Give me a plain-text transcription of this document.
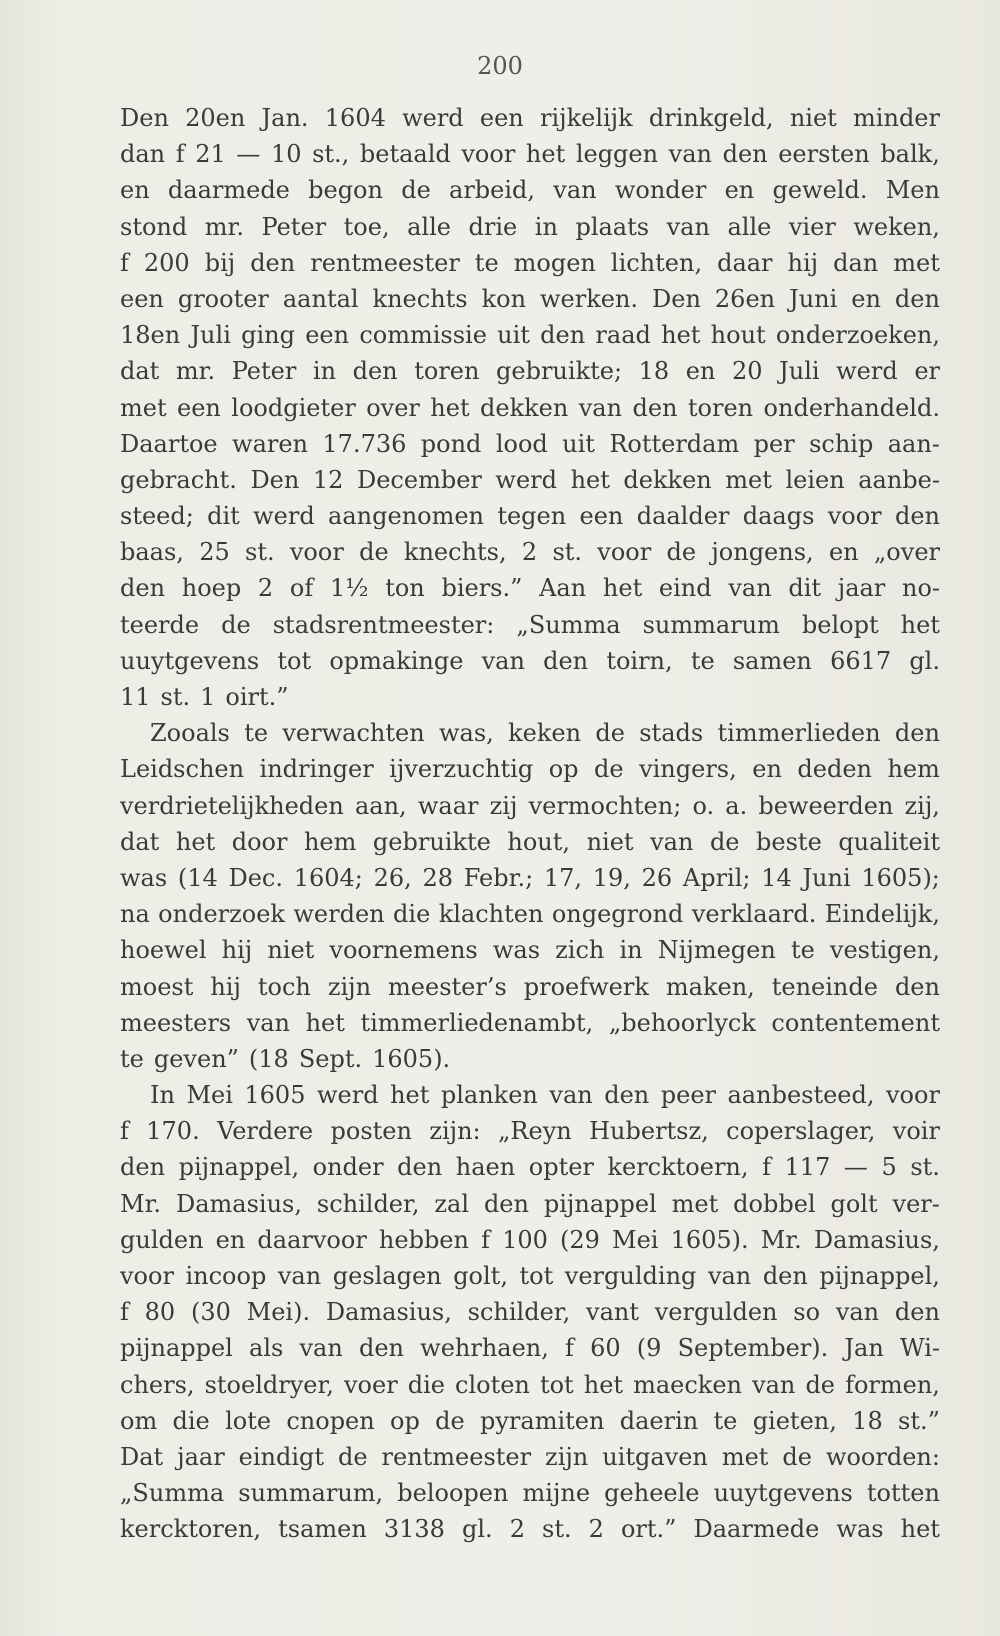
200
Den 20en Jan. 1604 werd een rijkelijk drinkgeld, niet minder
dan f 21 — 10 st., betaald voor het leggen van den eersten balk,
en daarmede begon de arbeid, van wonder en geweld. Men
stond mr. Peter toe, alle drie in plaats van alle vier weken,
f 200 bij den rentmeester te mogen lichten, daar hij dan met
een grooter aantal knechts kon werken. Den 26en Juni en den
18en Juli ging een commissie uit den raad het hout onderzoeken,
dat mr. Peter in den toren gebruikte; 18 en 20 Juli werd er
met een loodgieter over het dekken van den toren onderhandeld.
Daartoe waren 17.736 pond lood uit Rotterdam per schip aan-
gebracht. Den 12 December werd het dekken met leien aanbe-
steed; dit werd aangenomen tegen een daalder daags voor den
baas, 25 st. voor de knechts, 2 st. voor de jongens, en „over
den hoep 2 of 1½ ton biers.” Aan het eind van dit jaar no-
teerde de stadsrentmeester: „Summa summarum belopt het
uuytgevens tot opmakinge van den toirn, te samen 6617 gl.
11 st. 1 oirt.”
Zooals te verwachten was, keken de stads timmerlieden den
Leidschen indringer ijverzuchtig op de vingers, en deden hem
verdrietelijkheden aan, waar zij vermochten; o. a. beweerden zij,
dat het door hem gebruikte hout, niet van de beste qualiteit
was (14 Dec. 1604; 26, 28 Febr.; 17, 19, 26 April; 14 Juni 1605);
na onderzoek werden die klachten ongegrond verklaard. Eindelijk,
hoewel hij niet voornemens was zich in Nijmegen te vestigen,
moest hij toch zijn meester’s proefwerk maken, teneinde den
meesters van het timmerliedenambt, „behoorlyck contentement
te geven” (18 Sept. 1605).
In Mei 1605 werd het planken van den peer aanbesteed, voor
f 170. Verdere posten zijn: „Reyn Hubertsz, coperslager, voir
den pijnappel, onder den haen opter kercktoern, f 117 — 5 st.
Mr. Damasius, schilder, zal den pijnappel met dobbel golt ver-
gulden en daarvoor hebben f 100 (29 Mei 1605). Mr. Damasius,
voor incoop van geslagen golt, tot vergulding van den pijnappel,
f 80 (30 Mei). Damasius, schilder, vant vergulden so van den
pijnappel als van den wehrhaen, f 60 (9 September). Jan Wi-
chers, stoeldryer, voer die cloten tot het maecken van de formen,
om die lote cnopen op de pyramiten daerin te gieten, 18 st.”
Dat jaar eindigt de rentmeester zijn uitgaven met de woorden:
„Summa summarum, beloopen mijne geheele uuytgevens totten
kercktoren, tsamen 3138 gl. 2 st. 2 ort.” Daarmede was het
